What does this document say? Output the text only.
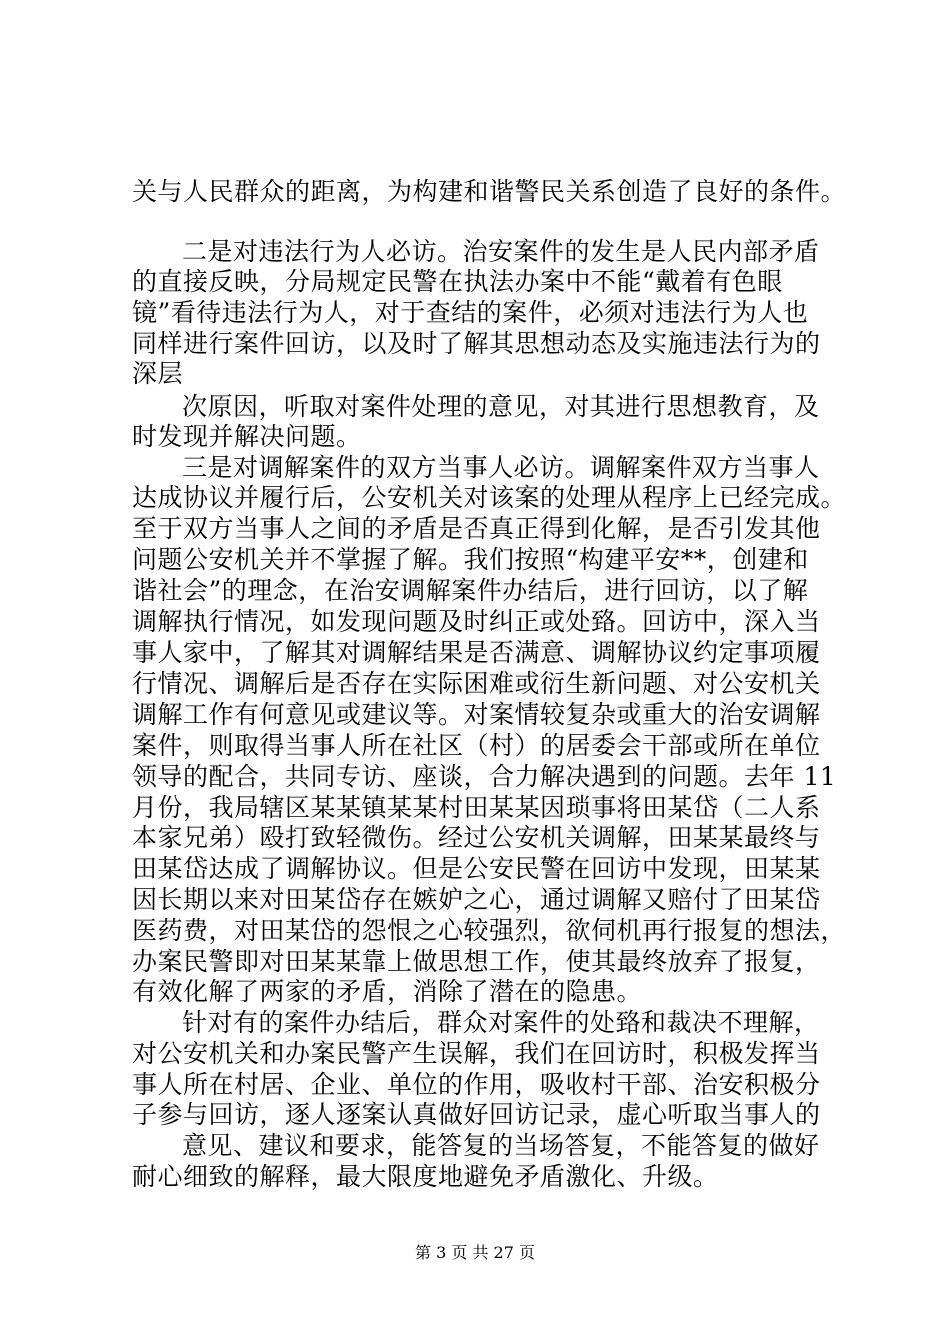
关与人民群众的距离，为构建和谐警民关系创造了良好的条件。
二是对违法行为人必访。治安案件的发生是人民内部矛盾
的直接反映，分局规定民警在执法办案中不能“戴着有色眼
镜”看待违法行为人，对于查结的案件，必须对违法行为人也
同样进行案件回访，以及时了解其思想动态及实施违法行为的
深层
次原因，听取对案件处理的意见，对其进行思想教育，及
时发现并解决问题。
三是对调解案件的双方当事人必访。调解案件双方当事人
达成协议并履行后，公安机关对该案的处理从程序上已经完成。
至于双方当事人之间的矛盾是否真正得到化解，是否引发其他
问题公安机关并不掌握了解。我们按照“构建平安**，创建和
谐社会”的理念，在治安调解案件办结后，进行回访，以了解
调解执行情况，如发现问题及时纠正或处臵。回访中，深入当
事人家中，了解其对调解结果是否满意、调解协议约定事项履
行情况、调解后是否存在实际困难或衍生新问题、对公安机关
调解工作有何意见或建议等。对案情较复杂或重大的治安调解
案件，则取得当事人所在社区（村）的居委会干部或所在单位
领导的配合，共同专访、座谈，合力解决遇到的问题。去年 11
月份，我局辖区某某镇某某村田某某因琐事将田某岱（二人系
本家兄弟）殴打致轻微伤。经过公安机关调解，田某某最终与
田某岱达成了调解协议。但是公安民警在回访中发现，田某某
因长期以来对田某岱存在嫉妒之心，通过调解又赔付了田某岱
医药费，对田某岱的怨恨之心较强烈，欲伺机再行报复的想法，
办案民警即对田某某靠上做思想工作，使其最终放弃了报复，
有效化解了两家的矛盾，消除了潜在的隐患。
针对有的案件办结后，群众对案件的处臵和裁决不理解，
对公安机关和办案民警产生误解，我们在回访时，积极发挥当
事人所在村居、企业、单位的作用，吸收村干部、治安积极分
子参与回访，逐人逐案认真做好回访记录，虚心听取当事人的
意见、建议和要求，能答复的当场答复，不能答复的做好
耐心细致的解释，最大限度地避免矛盾激化、升级。
第 3 页 共 27 页
